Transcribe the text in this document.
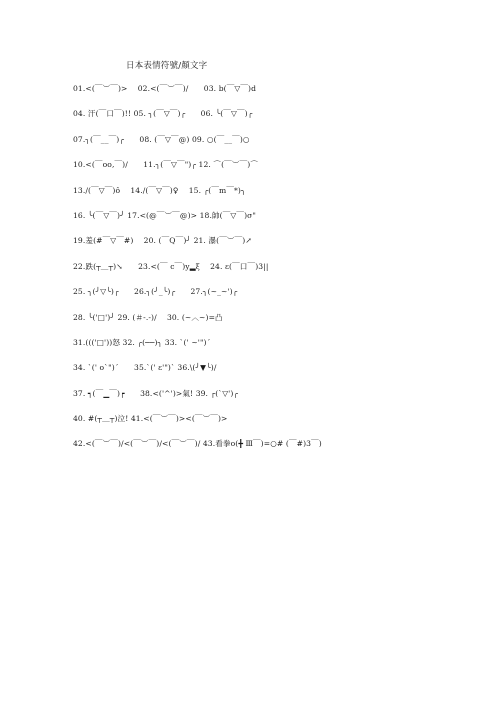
日本表情符號/顏文字
01.<(￣︶￣)>　 02.<(￣︶￣)/　　03. b(￣▽￣)d
04. 汗(￣口￣)!! 05. ╮(￣▽￣)╭　　06. ╰(￣▽￣)╭
07.╮(￣__￣)╭　　08. (￣▽￣@) 09. ○(￣__￣)○
10.<(￣oo,￣)/　　11.╮(￣▽￣")╭ 12. ⌒(￣︶￣)⌒
13./(￣▽￣)ô　 14./(￣▽￣)♀　 15. ╭(￣m￣*)╮
16. ╰(￣▽￣)╯ 17.<(@￣︶￣@)> 18.帥(￣▽￣)σ"
19.羞(#￣▽￣#)　 20. (￣Q￣)╯ 21. 瀑(￣︶￣)↗
22.跌(┬＿┬)↘　　23.<(￣ c￣)y▂ξ　 24. ε(￣口￣)3||
25. ╮(╯▽╰)╭　　26.╮(╯_╰)╭　　27.╮(~_~')╭
28. ╰('□')╯ 29. (＃-.-)/　 30. (~︿~)=凸
31.((('□'))怒 32. ╭(──)╮ 33. `(' ~'")´
34. `(' o`")´　　35.`(' ε'")` 36.\(╯▼╰)/
37. ┑(￣▁￣)┍　　38.<('^')>氣! 39. ┌(`▽')╭
40. #(┬＿┬)泣! 41.<(￣︶￣)><(￣︶￣)>
42.<(￣︶￣)/<(￣︶￣)/<(￣︶￣)/ 43.看拳o(╋ Ⅲ￣)=○# (￣#)3￣)
